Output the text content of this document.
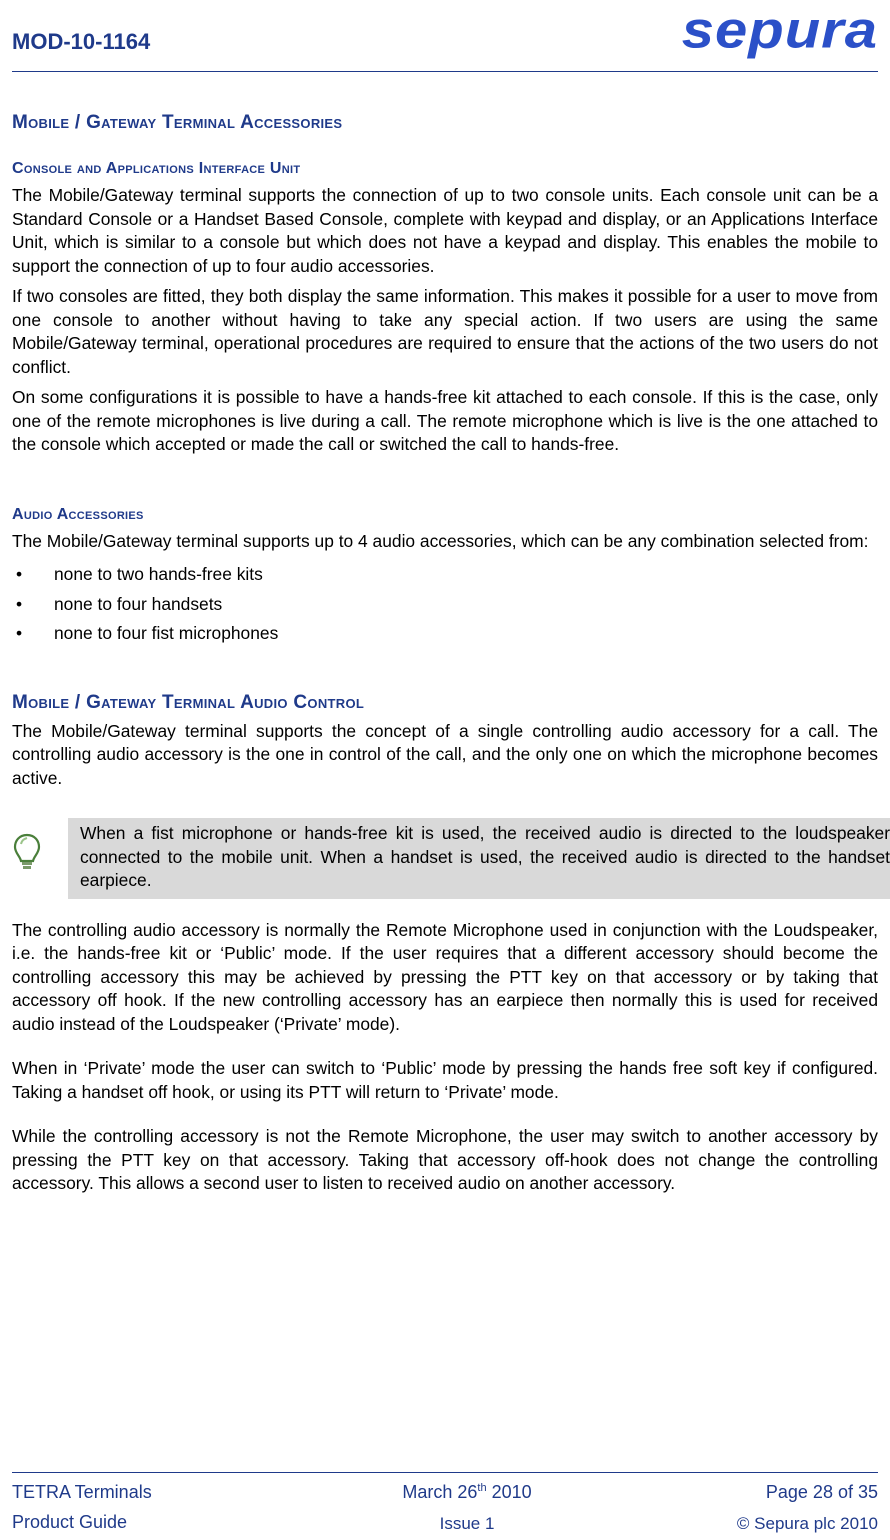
MOD-10-1164	sepura
Mobile / Gateway Terminal Accessories
Console and Applications Interface Unit

The Mobile/Gateway terminal supports the connection of up to two console units. Each console unit can be a Standard Console or a Handset Based Console, complete with keypad and display, or an Applications Interface Unit, which is similar to a console but which does not have a keypad and display. This enables the mobile to support the connection of up to four audio accessories.

If two consoles are fitted, they both display the same information. This makes it possible for a user to move from one console to another without having to take any special action. If two users are using the same Mobile/Gateway terminal, operational procedures are required to ensure that the actions of the two users do not conflict.

On some configurations it is possible to have a hands-free kit attached to each console. If this is the case, only one of the remote microphones is live during a call. The remote microphone which is live is the one attached to the console which accepted or made the call or switched the call to hands-free.

Audio Accessories

The Mobile/Gateway terminal supports up to 4 audio accessories, which can be any combination selected from:

• none to two hands-free kits
• none to four handsets
• none to four fist microphones
Mobile / Gateway Terminal Audio Control

The Mobile/Gateway terminal supports the concept of a single controlling audio accessory for a call. The controlling audio accessory is the one in control of the call, and the only one on which the microphone becomes active.

When a fist microphone or hands-free kit is used, the received audio is directed to the loudspeaker connected to the mobile unit. When a handset is used, the received audio is directed to the handset earpiece.

The controlling audio accessory is normally the Remote Microphone used in conjunction with the Loudspeaker, i.e. the hands-free kit or ‘Public’ mode. If the user requires that a different accessory should become the controlling accessory this may be achieved by pressing the PTT key on that accessory or by taking that accessory off hook. If the new controlling accessory has an earpiece then normally this is used for received audio instead of the Loudspeaker (‘Private’ mode).

When in ‘Private’ mode the user can switch to ‘Public’ mode by pressing the hands free soft key if configured. Taking a handset off hook, or using its PTT will return to ‘Private’ mode.

While the controlling accessory is not the Remote Microphone, the user may switch to another accessory by pressing the PTT key on that accessory. Taking that accessory off-hook does not change the controlling accessory. This allows a second user to listen to received audio on another accessory.

TETRA Terminals
Product Guide
March 26th 2010
Issue 1
Page 28 of 35
© Sepura plc 2010
